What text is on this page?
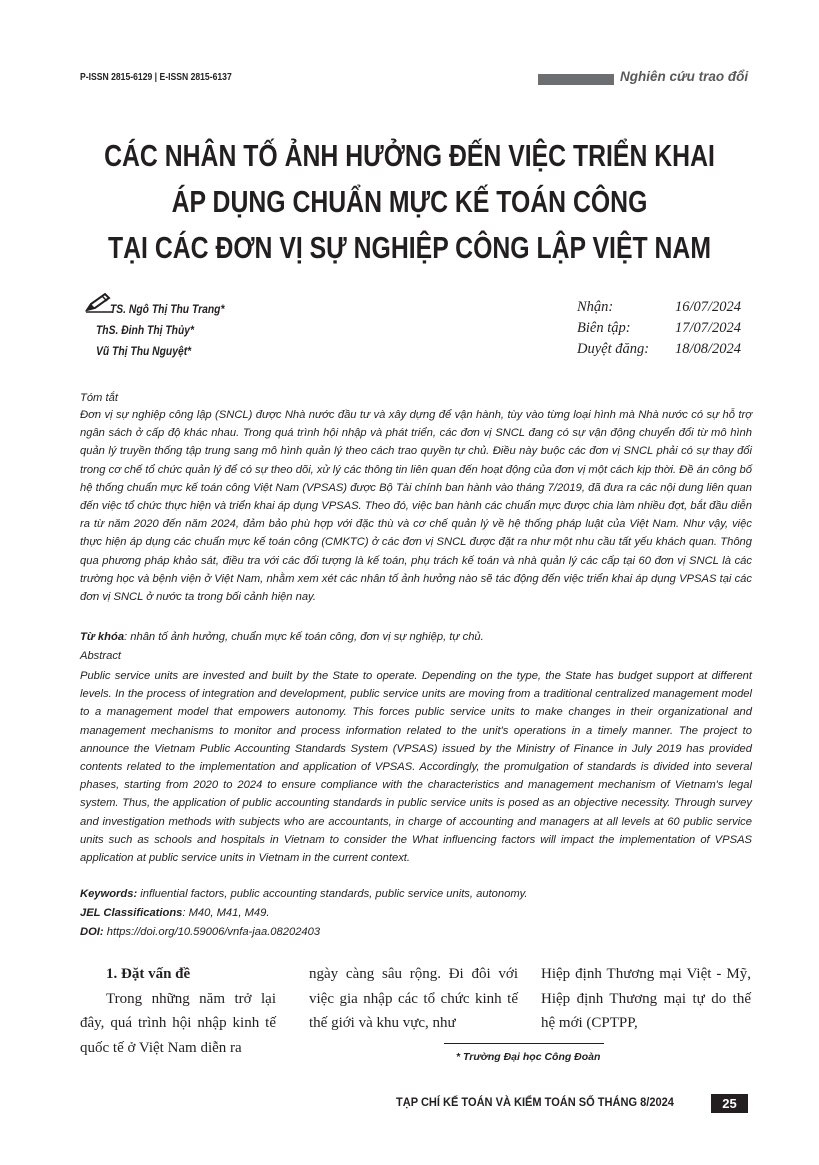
P-ISSN 2815-6129 | E-ISSN 2815-6137	Nghiên cứu trao đổi
CÁC NHÂN TỐ ẢNH HƯỞNG ĐẾN VIỆC TRIỂN KHAI
ÁP DỤNG CHUẨN MỰC KẾ TOÁN CÔNG
TẠI CÁC ĐƠN VỊ SỰ NGHIỆP CÔNG LẬP VIỆT NAM
TS. Ngô Thị Thu Trang*
ThS. Đinh Thị Thủy*
Vũ Thị Thu Nguyệt*
Nhận:	16/07/2024
Biên tập:	17/07/2024
Duyệt đăng:	18/08/2024
Tóm tắt

Đơn vị sự nghiệp công lập (SNCL) được Nhà nước đầu tư và xây dựng để vận hành, tùy vào từng loại hình mà Nhà nước có sự hỗ trợ ngân sách ở cấp độ khác nhau. Trong quá trình hội nhập và phát triển, các đơn vị SNCL đang có sự vận động chuyển đổi từ mô hình quản lý truyền thống tập trung sang mô hình quản lý theo cách trao quyền tự chủ. Điều này buộc các đơn vị SNCL phải có sự thay đổi trong cơ chế tổ chức quản lý để có sự theo dõi, xử lý các thông tin liên quan đến hoạt động của đơn vị một cách kịp thời. Đề án công bố hệ thống chuẩn mực kế toán công Việt Nam (VPSAS) được Bộ Tài chính ban hành vào tháng 7/2019, đã đưa ra các nội dung liên quan đến việc tổ chức thực hiện và triển khai áp dụng VPSAS. Theo đó, việc ban hành các chuẩn mực được chia làm nhiều đợt, bắt đầu diễn ra từ năm 2020 đến năm 2024, đảm bảo phù hợp với đặc thù và cơ chế quản lý về hệ thống pháp luật của Việt Nam. Như vậy, việc thực hiện áp dụng các chuẩn mực kế toán công (CMKTC) ở các đơn vị SNCL được đặt ra như một nhu cầu tất yếu khách quan. Thông qua phương pháp khảo sát, điều tra với các đối tượng là kế toán, phụ trách kế toán và nhà quản lý các cấp tại 60 đơn vị SNCL là các trường học và bệnh viện ở Việt Nam, nhằm xem xét các nhân tố ảnh hưởng nào sẽ tác động đến việc triển khai áp dụng VPSAS tại các đơn vị SNCL ở nước ta trong bối cảnh hiện nay.

Từ khóa: nhân tố ảnh hưởng, chuẩn mực kế toán công, đơn vị sự nghiệp, tự chủ.
Abstract

Public service units are invested and built by the State to operate. Depending on the type, the State has budget support at different levels. In the process of integration and development, public service units are moving from a traditional centralized management model to a management model that empowers autonomy. This forces public service units to make changes in their organizational and management mechanisms to monitor and process information related to the unit's operations in a timely manner. The project to announce the Vietnam Public Accounting Standards System (VPSAS) issued by the Ministry of Finance in July 2019 has provided contents related to the implementation and application of VPSAS. Accordingly, the promulgation of standards is divided into several phases, starting from 2020 to 2024 to ensure compliance with the characteristics and management mechanism of Vietnam's legal system. Thus, the application of public accounting standards in public service units is posed as an objective necessity. Through survey and investigation methods with subjects who are accountants, in charge of accounting and managers at all levels at 60 public service units such as schools and hospitals in Vietnam to consider the What influencing factors will impact the implementation of VPSAS application at public service units in Vietnam in the current context.

Keywords: influential factors, public accounting standards, public service units, autonomy.
JEL Classifications: M40, M41, M49.
DOI: https://doi.org/10.59006/vnfa-jaa.08202403

1. Đặt vấn đề

Trong những năm trở lại đây, quá trình hội nhập kinh tế quốc tế ở Việt Nam diễn ra

ngày càng sâu rộng. Đi đôi với việc gia nhập các tổ chức kinh tế thế giới và khu vực, như

Hiệp định Thương mại Việt - Mỹ, Hiệp định Thương mại tự do thế hệ mới (CPTPP,

* Trường Đại học Công Đoàn
TẠP CHÍ KẾ TOÁN VÀ KIỂM TOÁN SỐ THÁNG 8/2024	25
